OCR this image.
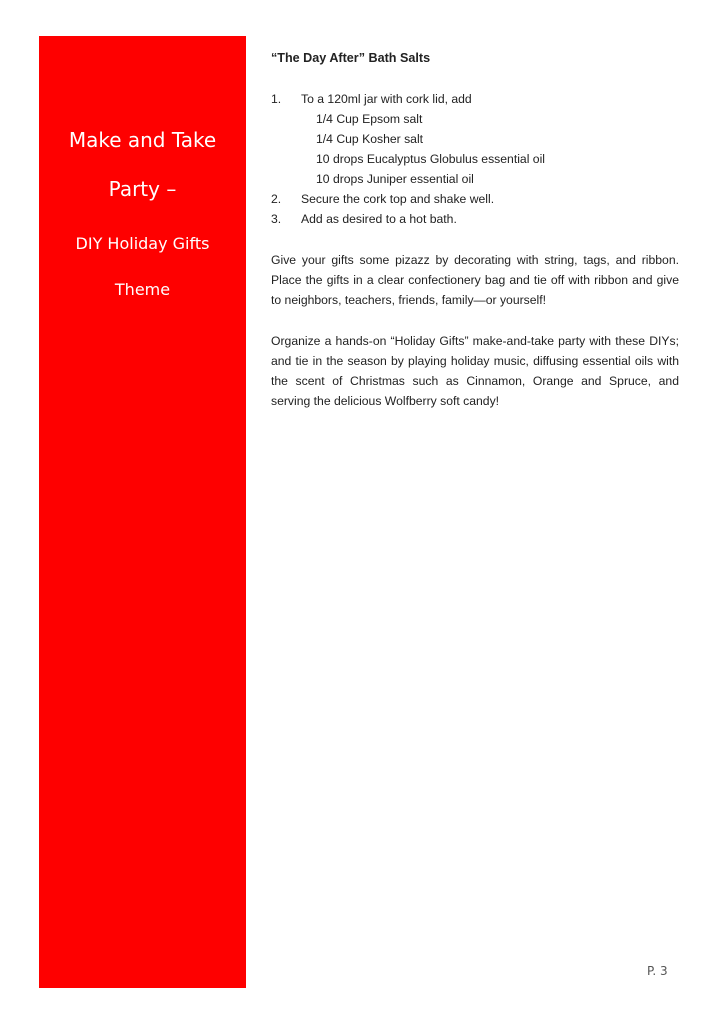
Make and Take
Party –
DIY Holiday Gifts
Theme
“The Day After” Bath Salts
1.	To a 120ml jar with cork lid, add
1/4 Cup Epsom salt
1/4 Cup Kosher salt
10 drops Eucalyptus Globulus essential oil
10 drops Juniper essential oil
2.	Secure the cork top and shake well.
3.	Add as desired to a hot bath.

Give your gifts some pizazz by decorating with string, tags, and ribbon. Place the gifts in a clear confectionery bag and tie off with ribbon and give to neighbors, teachers, friends, family—or yourself!

Organize a hands-on “Holiday Gifts” make-and-take party with these DIYs; and tie in the season by playing holiday music, diffusing essential oils with the scent of Christmas such as Cinnamon, Orange and Spruce, and serving the delicious Wolfberry soft candy!

P. 3
